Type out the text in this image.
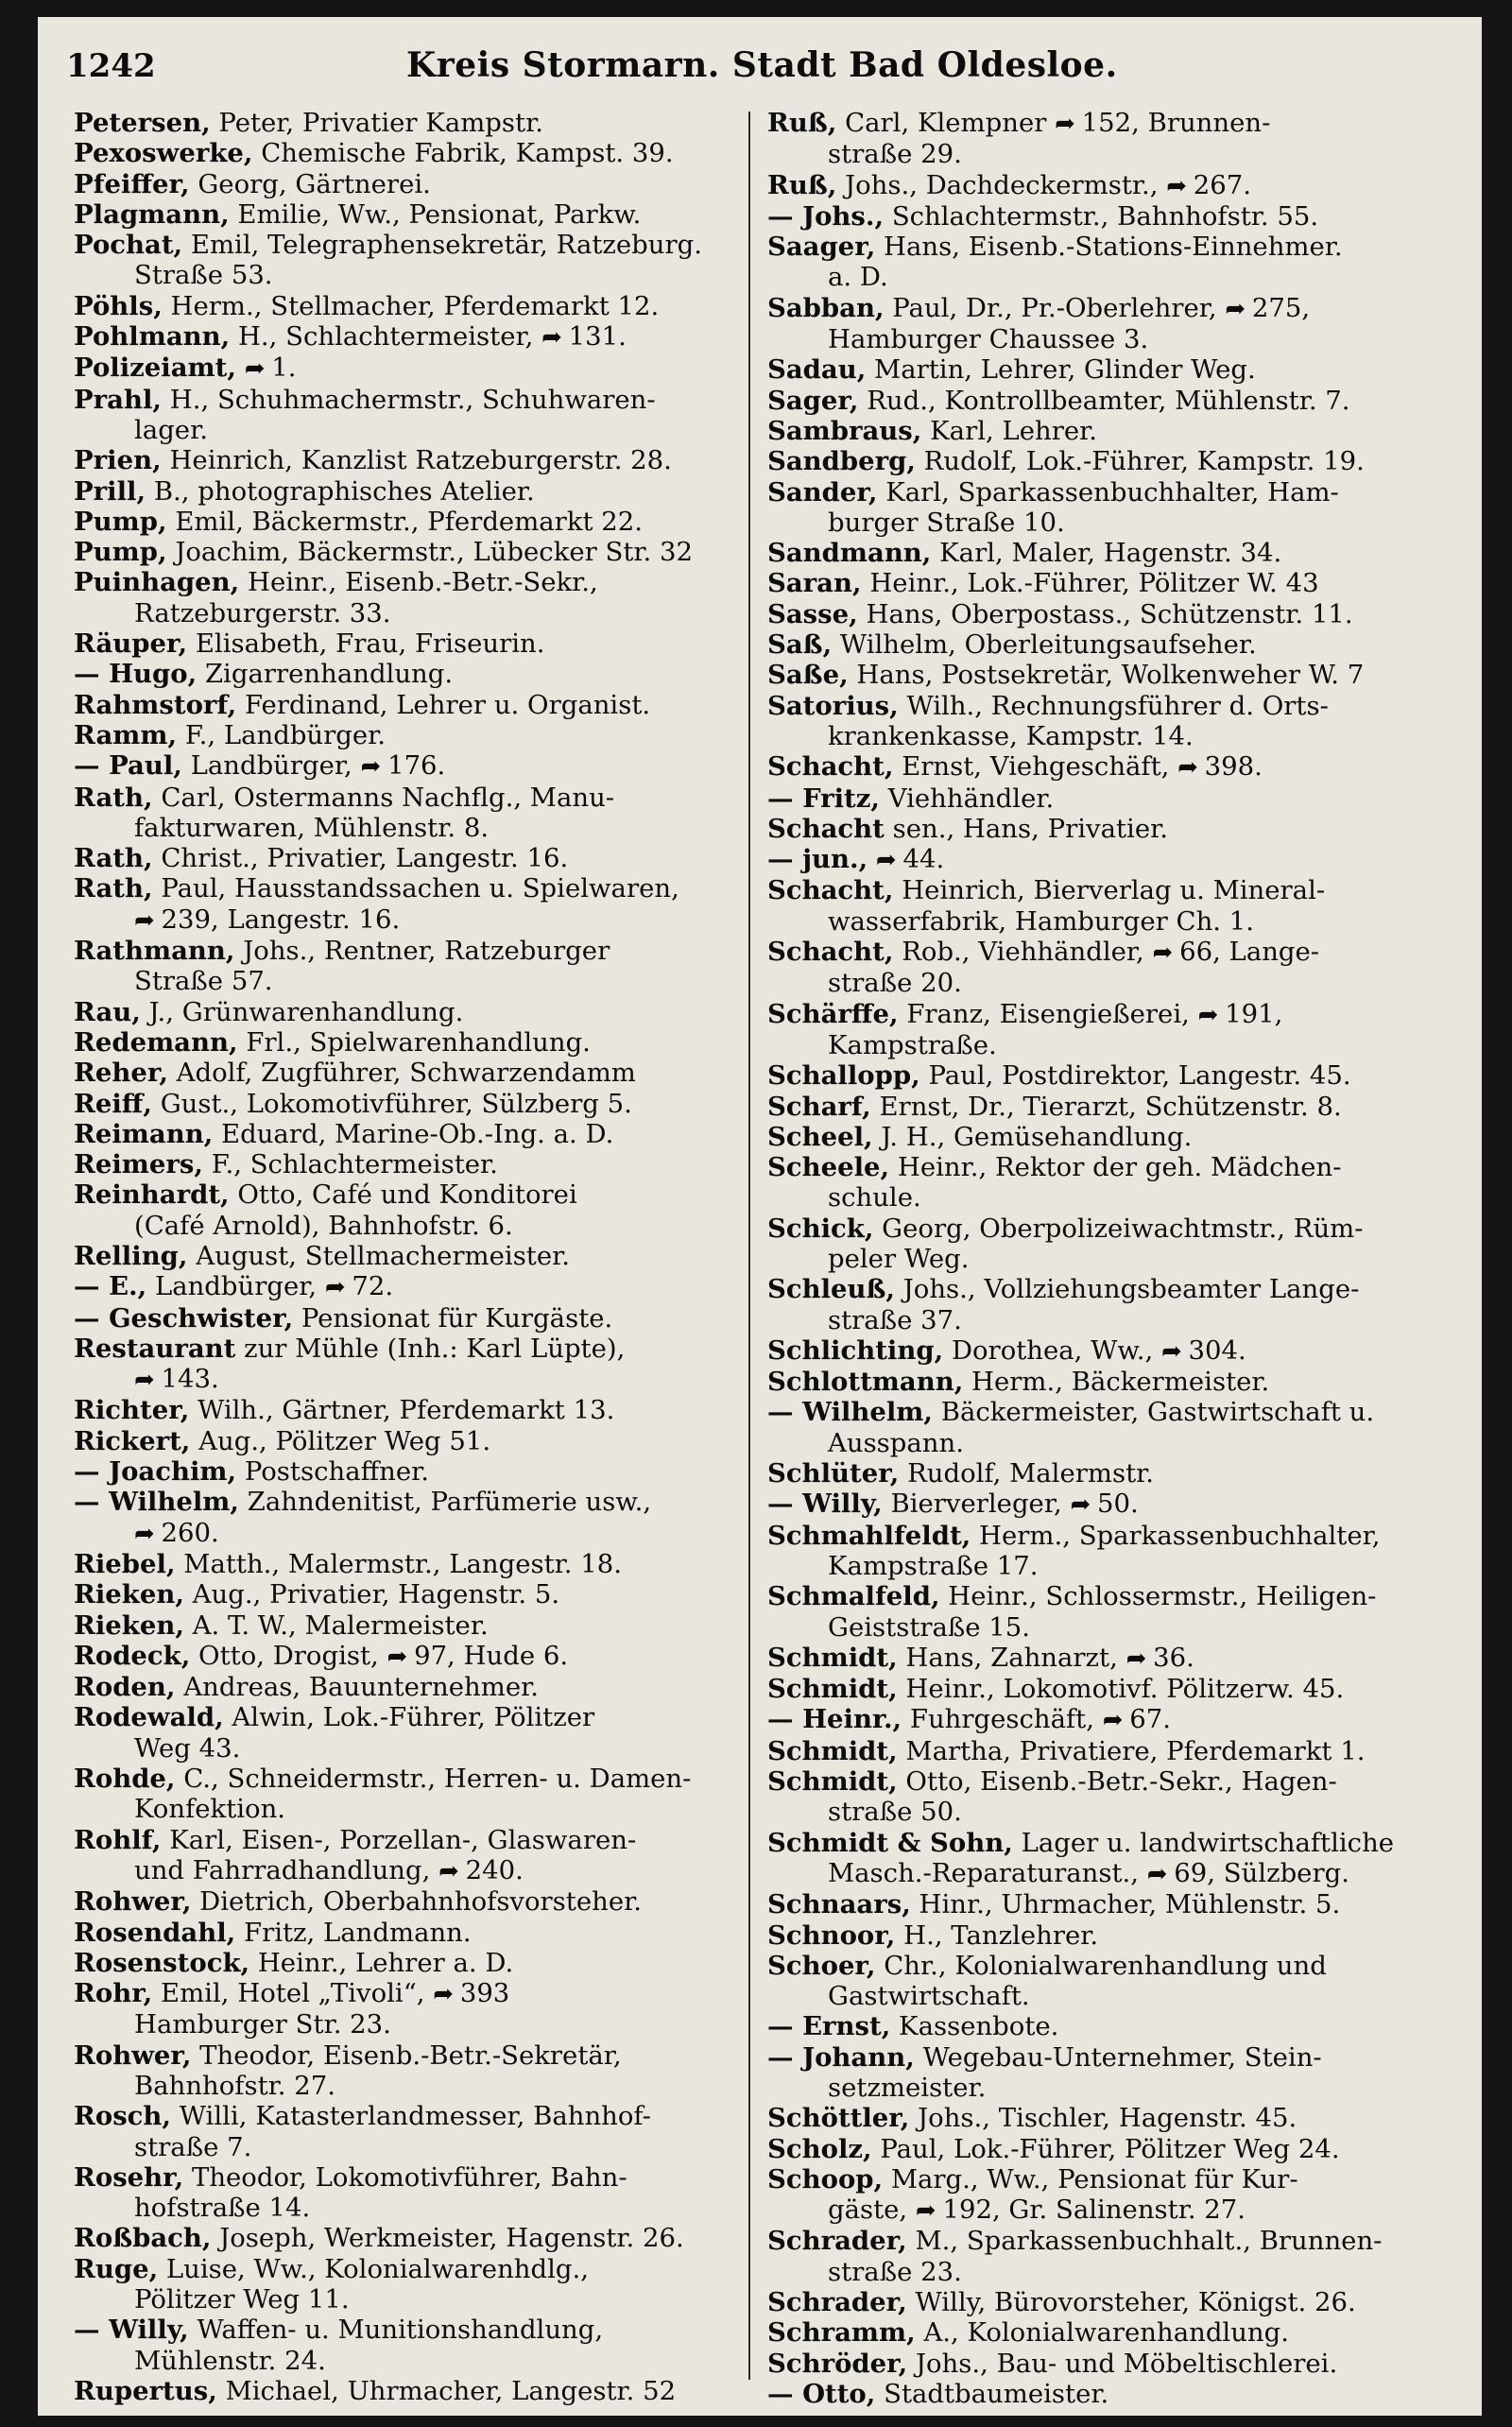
1242	Kreis Stormarn. Stadt Bad Oldesloe.
Petersen, Peter, Privatier Kampstr.
Pexoswerke, Chemische Fabrik, Kampst. 39.
Pfeiffer, Georg, Gärtnerei.
Plagmann, Emilie, Ww., Pensionat, Parkw.
Pochat, Emil, Telegraphensekretär, Ratzeburg.
Straße 53.
Pöhls, Herm., Stellmacher, Pferdemarkt 12.
Pohlmann, H., Schlachtermeister, ➦ 131.
Polizeiamt, ➦ 1.
Prahl, H., Schuhmachermstr., Schuhwaren-
lager.
Prien, Heinrich, Kanzlist Ratzeburgerstr. 28.
Prill, B., photographisches Atelier.
Pump, Emil, Bäckermstr., Pferdemarkt 22.
Pump, Joachim, Bäckermstr., Lübecker Str. 32
Puinhagen, Heinr., Eisenb.-Betr.-Sekr.,
Ratzeburgerstr. 33.
Räuper, Elisabeth, Frau, Friseurin.
— Hugo, Zigarrenhandlung.
Rahmstorf, Ferdinand, Lehrer u. Organist.
Ramm, F., Landbürger.
— Paul, Landbürger, ➦ 176.
Rath, Carl, Ostermanns Nachflg., Manu-
fakturwaren, Mühlenstr. 8.
Rath, Christ., Privatier, Langestr. 16.
Rath, Paul, Hausstandssachen u. Spielwaren,
➦ 239, Langestr. 16.
Rathmann, Johs., Rentner, Ratzeburger
Straße 57.
Rau, J., Grünwarenhandlung.
Redemann, Frl., Spielwarenhandlung.
Reher, Adolf, Zugführer, Schwarzendamm
Reiff, Gust., Lokomotivführer, Sülzberg 5.
Reimann, Eduard, Marine-Ob.-Ing. a. D.
Reimers, F., Schlachtermeister.
Reinhardt, Otto, Café und Konditorei
(Café Arnold), Bahnhofstr. 6.
Relling, August, Stellmachermeister.
— E., Landbürger, ➦ 72.
— Geschwister, Pensionat für Kurgäste.
Restaurant zur Mühle (Inh.: Karl Lüpte),
➦ 143.
Richter, Wilh., Gärtner, Pferdemarkt 13.
Rickert, Aug., Pölitzer Weg 51.
— Joachim, Postschaffner.
— Wilhelm, Zahndenitist, Parfümerie usw.,
➦ 260.
Riebel, Matth., Malermstr., Langestr. 18.
Rieken, Aug., Privatier, Hagenstr. 5.
Rieken, A. T. W., Malermeister.
Rodeck, Otto, Drogist, ➦ 97, Hude 6.
Roden, Andreas, Bauunternehmer.
Rodewald, Alwin, Lok.-Führer, Pölitzer
Weg 43.
Rohde, C., Schneidermstr., Herren- u. Damen-
Konfektion.
Rohlf, Karl, Eisen-, Porzellan-, Glaswaren-
und Fahrradhandlung, ➦ 240.
Rohwer, Dietrich, Oberbahnhofsvorsteher.
Rosendahl, Fritz, Landmann.
Rosenstock, Heinr., Lehrer a. D.
Rohr, Emil, Hotel „Tivoli“, ➦ 393
Hamburger Str. 23.
Rohwer, Theodor, Eisenb.-Betr.-Sekretär,
Bahnhofstr. 27.
Rosch, Willi, Katasterlandmesser, Bahnhof-
straße 7.
Rosehr, Theodor, Lokomotivführer, Bahn-
hofstraße 14.
Roßbach, Joseph, Werkmeister, Hagenstr. 26.
Ruge, Luise, Ww., Kolonialwarenhdlg.,
Pölitzer Weg 11.
— Willy, Waffen- u. Munitionshandlung,
Mühlenstr. 24.
Rupertus, Michael, Uhrmacher, Langestr. 52
Ruß, Carl, Klempner ➦ 152, Brunnen-
straße 29.
Ruß, Johs., Dachdeckermstr., ➦ 267.
— Johs., Schlachtermstr., Bahnhofstr. 55.
Saager, Hans, Eisenb.-Stations-Einnehmer.
a. D.
Sabban, Paul, Dr., Pr.-Oberlehrer, ➦ 275,
Hamburger Chaussee 3.
Sadau, Martin, Lehrer, Glinder Weg.
Sager, Rud., Kontrollbeamter, Mühlenstr. 7.
Sambraus, Karl, Lehrer.
Sandberg, Rudolf, Lok.-Führer, Kampstr. 19.
Sander, Karl, Sparkassenbuchhalter, Ham-
burger Straße 10.
Sandmann, Karl, Maler, Hagenstr. 34.
Saran, Heinr., Lok.-Führer, Pölitzer W. 43
Sasse, Hans, Oberpostass., Schützenstr. 11.
Saß, Wilhelm, Oberleitungsaufseher.
Saße, Hans, Postsekretär, Wolkenweher W. 7
Satorius, Wilh., Rechnungsführer d. Orts-
krankenkasse, Kampstr. 14.
Schacht, Ernst, Viehgeschäft, ➦ 398.
— Fritz, Viehhändler.
Schacht sen., Hans, Privatier.
— jun., ➦ 44.
Schacht, Heinrich, Bierverlag u. Mineral-
wasserfabrik, Hamburger Ch. 1.
Schacht, Rob., Viehhändler, ➦ 66, Lange-
straße 20.
Schärffe, Franz, Eisengießerei, ➦ 191,
Kampstraße.
Schallopp, Paul, Postdirektor, Langestr. 45.
Scharf, Ernst, Dr., Tierarzt, Schützenstr. 8.
Scheel, J. H., Gemüsehandlung.
Scheele, Heinr., Rektor der geh. Mädchen-
schule.
Schick, Georg, Oberpolizeiwachtmstr., Rüm-
peler Weg.
Schleuß, Johs., Vollziehungsbeamter Lange-
straße 37.
Schlichting, Dorothea, Ww., ➦ 304.
Schlottmann, Herm., Bäckermeister.
— Wilhelm, Bäckermeister, Gastwirtschaft u.
Ausspann.
Schlüter, Rudolf, Malermstr.
— Willy, Bierverleger, ➦ 50.
Schmahlfeldt, Herm., Sparkassenbuchhalter,
Kampstraße 17.
Schmalfeld, Heinr., Schlossermstr., Heiligen-
Geiststraße 15.
Schmidt, Hans, Zahnarzt, ➦ 36.
Schmidt, Heinr., Lokomotivf. Pölitzerw. 45.
— Heinr., Fuhrgeschäft, ➦ 67.
Schmidt, Martha, Privatiere, Pferdemarkt 1.
Schmidt, Otto, Eisenb.-Betr.-Sekr., Hagen-
straße 50.
Schmidt & Sohn, Lager u. landwirtschaftliche
Masch.-Reparaturanst., ➦ 69, Sülzberg.
Schnaars, Hinr., Uhrmacher, Mühlenstr. 5.
Schnoor, H., Tanzlehrer.
Schoer, Chr., Kolonialwarenhandlung und
Gastwirtschaft.
— Ernst, Kassenbote.
— Johann, Wegebau-Unternehmer, Stein-
setzmeister.
Schöttler, Johs., Tischler, Hagenstr. 45.
Scholz, Paul, Lok.-Führer, Pölitzer Weg 24.
Schoop, Marg., Ww., Pensionat für Kur-
gäste, ➦ 192, Gr. Salinenstr. 27.
Schrader, M., Sparkassenbuchhalt., Brunnen-
straße 23.
Schrader, Willy, Bürovorsteher, Königst. 26.
Schramm, A., Kolonialwarenhandlung.
Schröder, Johs., Bau- und Möbeltischlerei.
— Otto, Stadtbaumeister.
